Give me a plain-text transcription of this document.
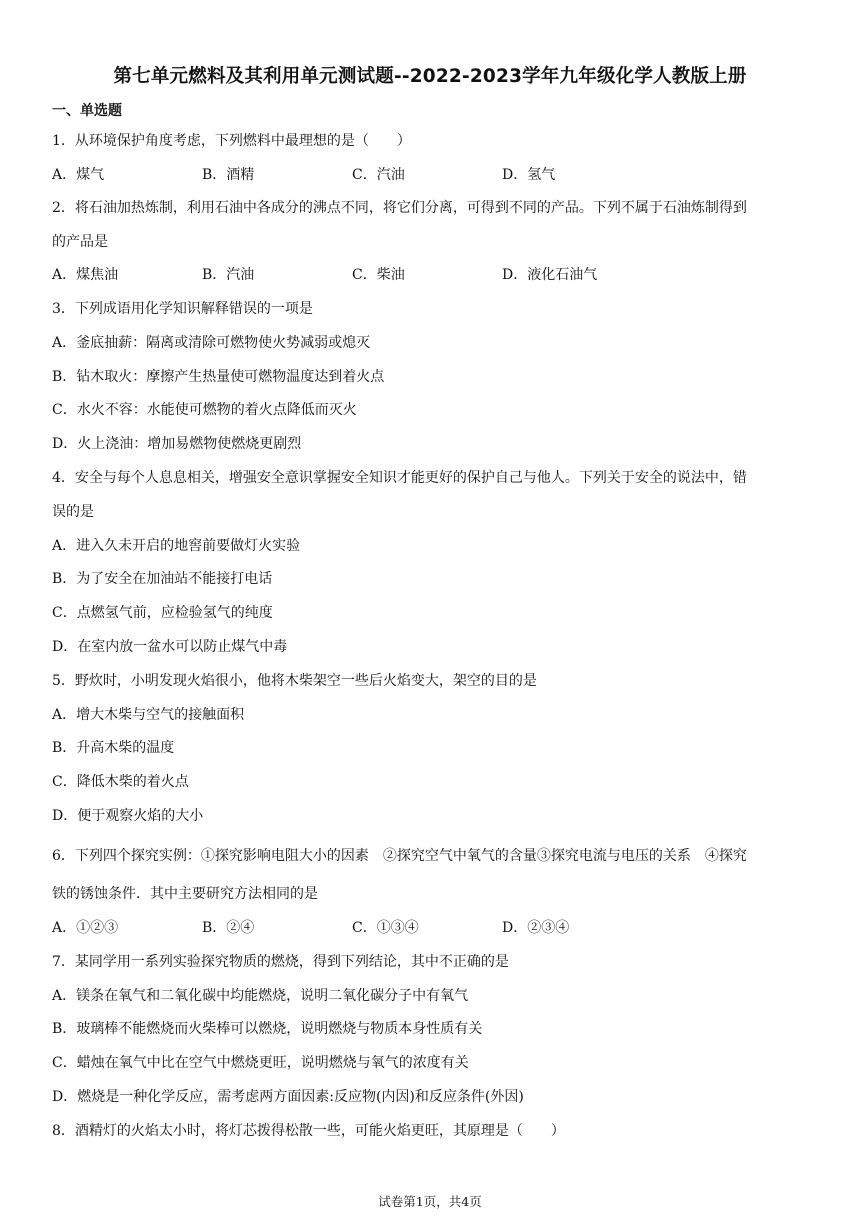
第七单元燃料及其利用单元测试题--2022-2023学年九年级化学人教版上册
一、单选题
1．从环境保护角度考虑，下列燃料中最理想的是（　　）
A．煤气	B．酒精	C．汽油	D．氢气
2．将石油加热炼制，利用石油中各成分的沸点不同，将它们分离，可得到不同的产品。下列不属于石油炼制得到
的产品是
A．煤焦油	B．汽油	C．柴油	D．液化石油气
3．下列成语用化学知识解释错误的一项是
A．釜底抽薪：隔离或清除可燃物使火势减弱或熄灭
B．钻木取火：摩擦产生热量使可燃物温度达到着火点
C．水火不容：水能使可燃物的着火点降低而灭火
D．火上浇油：增加易燃物使燃烧更剧烈
4．安全与每个人息息相关，增强安全意识掌握安全知识才能更好的保护自己与他人。下列关于安全的说法中，错
误的是
A．进入久未开启的地窖前要做灯火实验
B．为了安全在加油站不能接打电话
C．点燃氢气前，应检验氢气的纯度
D．在室内放一盆水可以防止煤气中毒
5．野炊时，小明发现火焰很小，他将木柴架空一些后火焰变大，架空的目的是
A．增大木柴与空气的接触面积
B．升高木柴的温度
C．降低木柴的着火点
D．便于观察火焰的大小
6．下列四个探究实例：①探究影响电阻大小的因素　②探究空气中氧气的含量③探究电流与电压的关系　④探究
铁的锈蚀条件．其中主要研究方法相同的是
A．①②③	B．②④	C．①③④	D．②③④
7．某同学用一系列实验探究物质的燃烧，得到下列结论，其中不正确的是
A．镁条在氧气和二氧化碳中均能燃烧，说明二氧化碳分子中有氧气
B．玻璃棒不能燃烧而火柴棒可以燃烧，说明燃烧与物质本身性质有关
C．蜡烛在氧气中比在空气中燃烧更旺，说明燃烧与氧气的浓度有关
D．燃烧是一种化学反应，需考虑两方面因素:反应物(内因)和反应条件(外因)
8．酒精灯的火焰太小时，将灯芯拨得松散一些，可能火焰更旺，其原理是（　　）
试卷第1页，共4页
